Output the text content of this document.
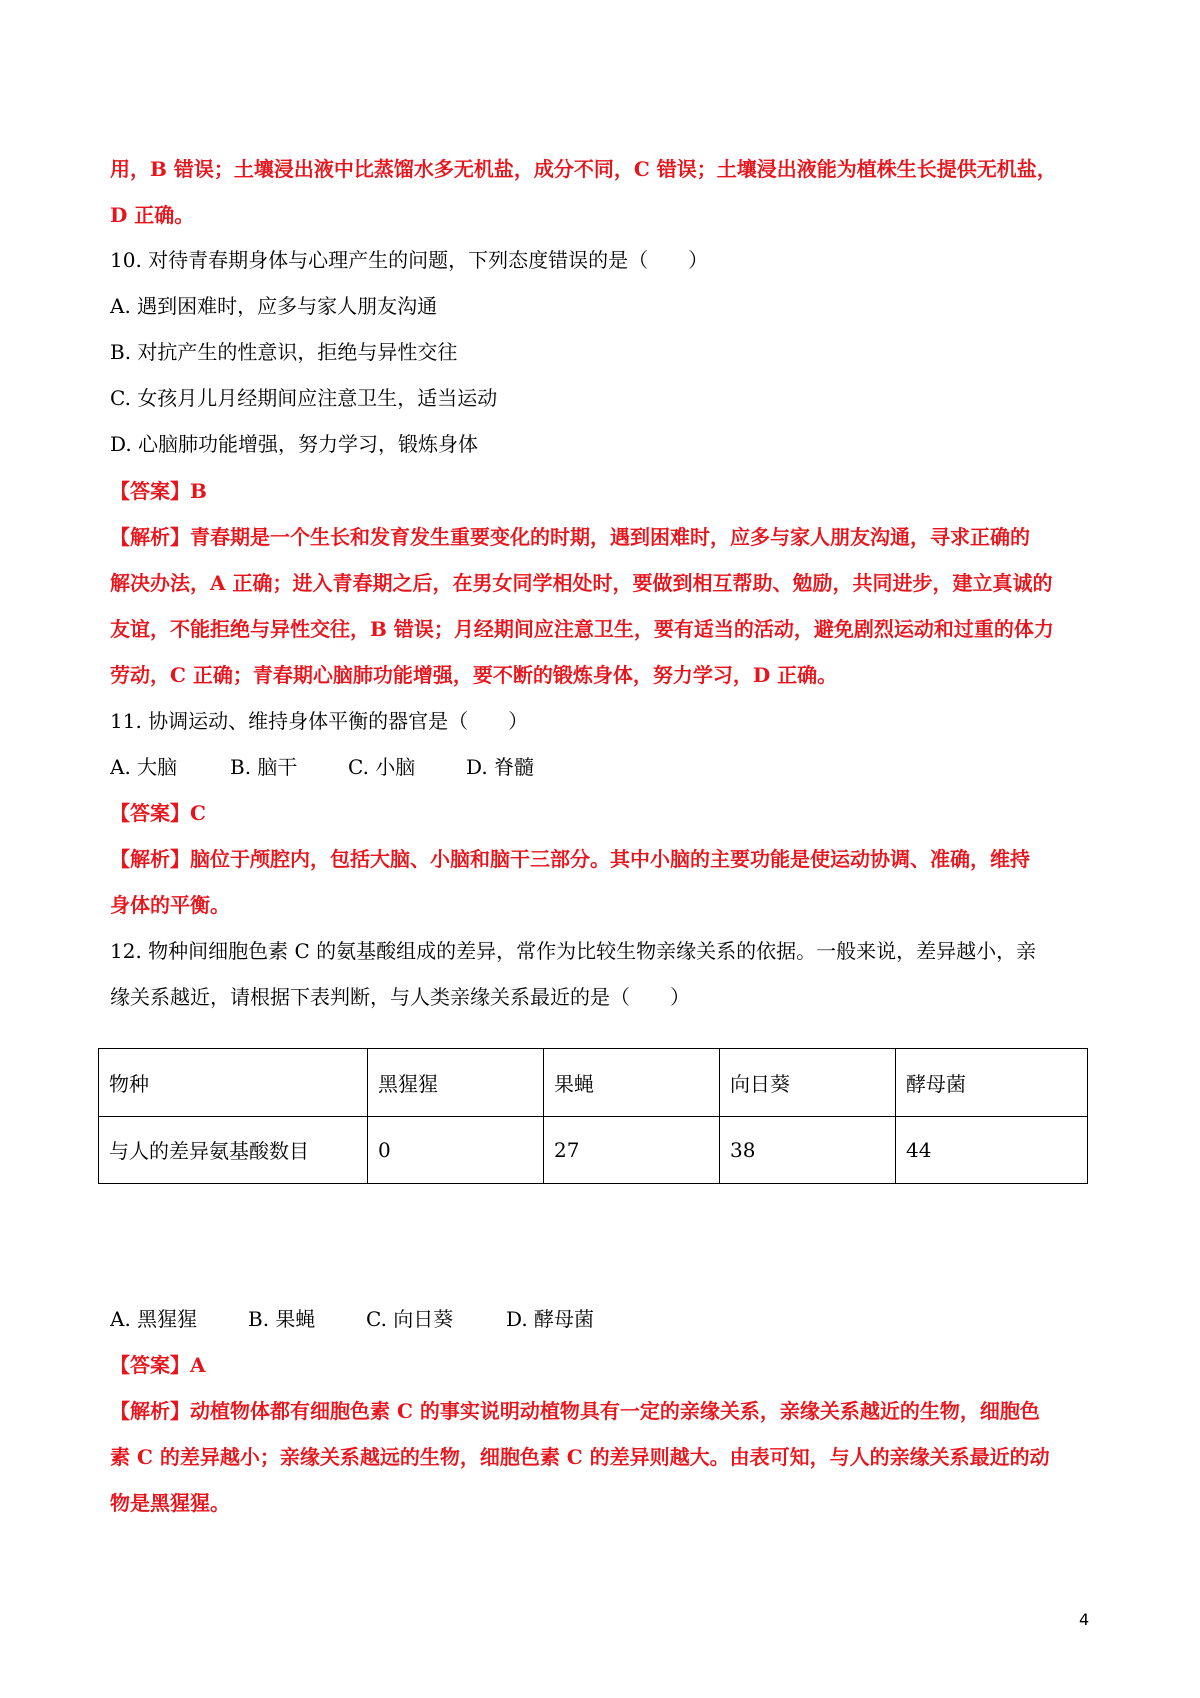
用，B 错误；土壤浸出液中比蒸馏水多无机盐，成分不同，C 错误；土壤浸出液能为植株生长提供无机盐，
D 正确。
10. 对待青春期身体与心理产生的问题，下列态度错误的是（　　）
A. 遇到困难时，应多与家人朋友沟通
B. 对抗产生的性意识，拒绝与异性交往
C. 女孩月儿月经期间应注意卫生，适当运动
D. 心脑肺功能增强，努力学习，锻炼身体
【答案】B
【解析】青春期是一个生长和发育发生重要变化的时期，遇到困难时，应多与家人朋友沟通，寻求正确的
解决办法，A 正确；进入青春期之后，在男女同学相处时，要做到相互帮助、勉励，共同进步，建立真诚的
友谊，不能拒绝与异性交往，B 错误；月经期间应注意卫生，要有适当的活动，避免剧烈运动和过重的体力
劳动，C 正确；青春期心脑肺功能增强，要不断的锻炼身体，努力学习，D 正确。
11. 协调运动、维持身体平衡的器官是（　　）
A. 大脑	B. 脑干	C. 小脑	D. 脊髓
【答案】C
【解析】脑位于颅腔内，包括大脑、小脑和脑干三部分。其中小脑的主要功能是使运动协调、准确，维持
身体的平衡。
12. 物种间细胞色素 C 的氨基酸组成的差异，常作为比较生物亲缘关系的依据。一般来说，差异越小，亲
缘关系越近，请根据下表判断，与人类亲缘关系最近的是（　　）
物种	黑猩猩	果蝇	向日葵	酵母菌
与人的差异氨基酸数目	0	27	38	44
A. 黑猩猩	B. 果蝇	C. 向日葵	D. 酵母菌
【答案】A
【解析】动植物体都有细胞色素 C 的事实说明动植物具有一定的亲缘关系，亲缘关系越近的生物，细胞色
素 C 的差异越小；亲缘关系越远的生物，细胞色素 C 的差异则越大。由表可知，与人的亲缘关系最近的动
物是黑猩猩。
4
